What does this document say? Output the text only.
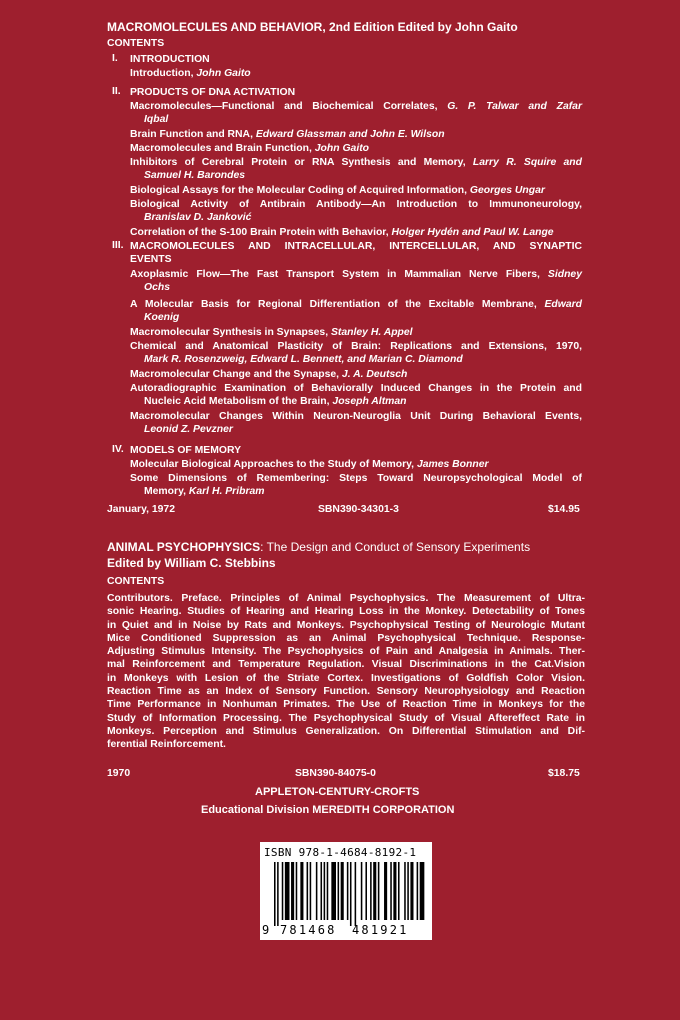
MACROMOLECULES AND BEHAVIOR, 2nd Edition Edited by John Gaito
CONTENTS
I. INTRODUCTION
Introduction, John Gaito
II. PRODUCTS OF DNA ACTIVATION
Macromolecules—Functional and Biochemical Correlates, G. P. Talwar and Zafar
Iqbal
Brain Function and RNA, Edward Glassman and John E. Wilson
Macromolecules and Brain Function, John Gaito
Inhibitors of Cerebral Protein or RNA Synthesis and Memory, Larry R. Squire and
Samuel H. Barondes
Biological Assays for the Molecular Coding of Acquired Information, Georges Ungar
Biological Activity of Antibrain Antibody—An Introduction to Immunoneurology,
Branislav D. Janković
Correlation of the S-100 Brain Protein with Behavior, Holger Hydén and Paul W. Lange
III. MACROMOLECULES AND INTRACELLULAR, INTERCELLULAR, AND SYNAPTIC
EVENTS
Axoplasmic Flow—The Fast Transport System in Mammalian Nerve Fibers, Sidney
Ochs
A Molecular Basis for Regional Differentiation of the Excitable Membrane, Edward
Koenig
Macromolecular Synthesis in Synapses, Stanley H. Appel
Chemical and Anatomical Plasticity of Brain: Replications and Extensions, 1970,
Mark R. Rosenzweig, Edward L. Bennett, and Marian C. Diamond
Macromolecular Change and the Synapse, J. A. Deutsch
Autoradiographic Examination of Behaviorally Induced Changes in the Protein and
Nucleic Acid Metabolism of the Brain, Joseph Altman
Macromolecular Changes Within Neuron-Neuroglia Unit During Behavioral Events,
Leonid Z. Pevzner
IV. MODELS OF MEMORY
Molecular Biological Approaches to the Study of Memory, James Bonner
Some Dimensions of Remembering: Steps Toward Neuropsychological Model of
Memory, Karl H. Pribram
January, 1972	SBN390-34301-3	$14.95
ANIMAL PSYCHOPHYSICS: The Design and Conduct of Sensory Experiments
Edited by William C. Stebbins
CONTENTS
Contributors. Preface. Principles of Animal Psychophysics. The Measurement of Ultra-
sonic Hearing. Studies of Hearing and Hearing Loss in the Monkey. Detectability of Tones
in Quiet and in Noise by Rats and Monkeys. Psychophysical Testing of Neurologic Mutant
Mice Conditioned Suppression as an Animal Psychophysical Technique. Response-
Adjusting Stimulus Intensity. The Psychophysics of Pain and Analgesia in Animals. Ther-
mal Reinforcement and Temperature Regulation. Visual Discriminations in the Cat.Vision
in Monkeys with Lesion of the Striate Cortex. Investigations of Goldfish Color Vision.
Reaction Time as an Index of Sensory Function. Sensory Neurophysiology and Reaction
Time Performance in Nonhuman Primates. The Use of Reaction Time in Monkeys for the
Study of Information Processing. The Psychophysical Study of Visual Aftereffect Rate in
Monkeys. Perception and Stimulus Generalization. On Differential Stimulation and Dif-
ferential Reinforcement.
1970	SBN390-84075-0	$18.75
APPLETON-CENTURY-CROFTS
Educational Division MEREDITH CORPORATION
ISBN 978-1-4684-8192-1
9 781468 481921
